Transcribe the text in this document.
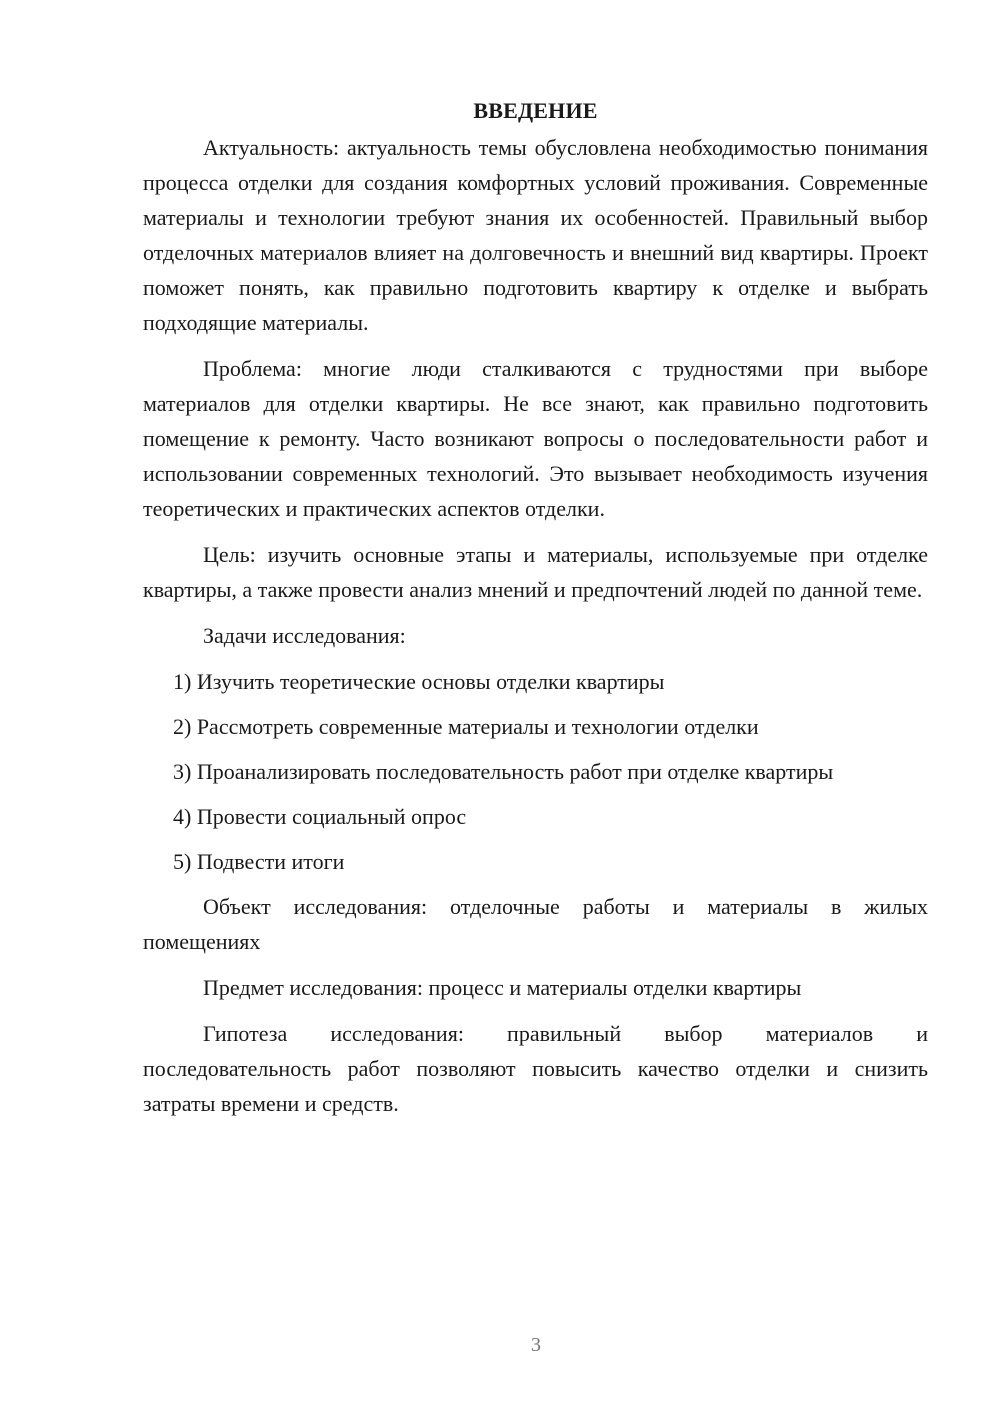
ВВЕДЕНИЕ

Актуальность: актуальность темы обусловлена необходимостью понимания процесса отделки для создания комфортных условий проживания. Современные материалы и технологии требуют знания их особенностей. Правильный выбор отделочных материалов влияет на долговечность и внешний вид квартиры. Проект поможет понять, как правильно подготовить квартиру к отделке и выбрать подходящие материалы.

Проблема: многие люди сталкиваются с трудностями при выборе материалов для отделки квартиры. Не все знают, как правильно подготовить помещение к ремонту. Часто возникают вопросы о последовательности работ и использовании современных технологий. Это вызывает необходимость изучения теоретических и практических аспектов отделки.

Цель: изучить основные этапы и материалы, используемые при отделке квартиры, а также провести анализ мнений и предпочтений людей по данной теме.

Задачи исследования:

1) Изучить теоретические основы отделки квартиры

2) Рассмотреть современные материалы и технологии отделки

3) Проанализировать последовательность работ при отделке квартиры

4) Провести социальный опрос

5) Подвести итоги

Объект исследования: отделочные работы и материалы в жилых помещениях

Предмет исследования: процесс и материалы отделки квартиры

Гипотеза исследования: правильный выбор материалов и последовательность работ позволяют повысить качество отделки и снизить затраты времени и средств.

3
